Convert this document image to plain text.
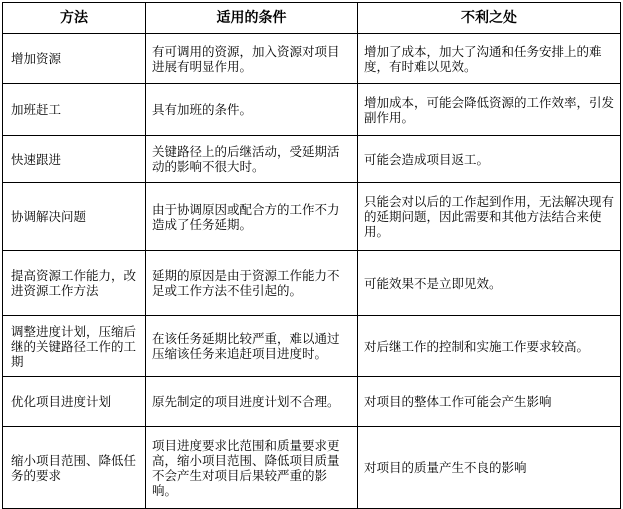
方法	适用的条件	不利之处
增加资源	有可调用的资源，加入资源对项目进展有明显作用。	增加了成本，加大了沟通和任务安排上的难度，有时难以见效。
加班赶工	具有加班的条件。	增加成本，可能会降低资源的工作效率，引发副作用。
快速跟进	关键路径上的后继活动，受延期活动的影响不很大时。	可能会造成项目返工。
协调解决问题	由于协调原因或配合方的工作不力造成了任务延期。	只能会对以后的工作起到作用，无法解决现有的延期问题，因此需要和其他方法结合来使用。
提高资源工作能力，改进资源工作方法	延期的原因是由于资源工作能力不足或工作方法不佳引起的。	可能效果不是立即见效。
调整进度计划，压缩后继的关键路径工作的工期	在该任务延期比较严重，难以通过压缩该任务来追赶项目进度时。	对后继工作的控制和实施工作要求较高。
优化项目进度计划	原先制定的项目进度计划不合理。	对项目的整体工作可能会产生影响
缩小项目范围、降低任务的要求	项目进度要求比范围和质量要求更高，缩小项目范围、降低项目质量不会产生对项目后果较严重的影响。	对项目的质量产生不良的影响
